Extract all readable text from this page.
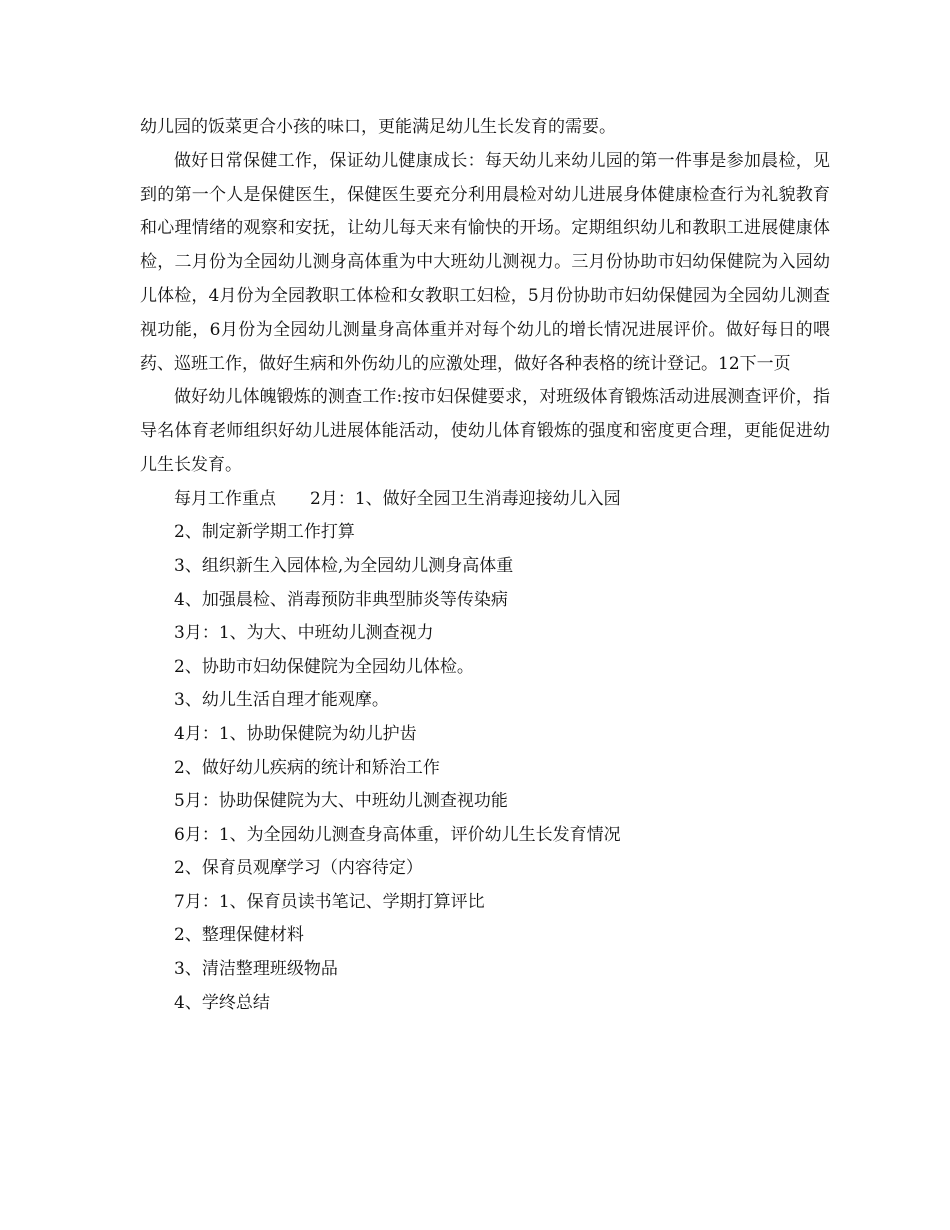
幼儿园的饭菜更合小孩的味口，更能满足幼儿生长发育的需要。

做好日常保健工作，保证幼儿健康成长：每天幼儿来幼儿园的第一件事是参加晨检，见到的第一个人是保健医生，保健医生要充分利用晨检对幼儿进展身体健康检查行为礼貌教育和心理情绪的观察和安抚，让幼儿每天来有愉快的开场。定期组织幼儿和教职工进展健康体检，二月份为全园幼儿测身高体重为中大班幼儿测视力。三月份协助市妇幼保健院为入园幼儿体检，4月份为全园教职工体检和女教职工妇检，5月份协助市妇幼保健园为全园幼儿测查视功能，6月份为全园幼儿测量身高体重并对每个幼儿的增长情况进展评价。做好每日的喂药、巡班工作，做好生病和外伤幼儿的应激处理，做好各种表格的统计登记。12下一页

做好幼儿体魄锻炼的测查工作:按市妇保健要求，对班级体育锻炼活动进展测查评价，指导名体育老师组织好幼儿进展体能活动，使幼儿体育锻炼的强度和密度更合理，更能促进幼儿生长发育。

每月工作重点　　2月：1、做好全园卫生消毒迎接幼儿入园
2、制定新学期工作打算
3、组织新生入园体检,为全园幼儿测身高体重
4、加强晨检、消毒预防非典型肺炎等传染病
3月：1、为大、中班幼儿测查视力
2、协助市妇幼保健院为全园幼儿体检。
3、幼儿生活自理才能观摩。
4月：1、协助保健院为幼儿护齿
2、做好幼儿疾病的统计和矫治工作
5月：协助保健院为大、中班幼儿测查视功能
6月：1、为全园幼儿测查身高体重，评价幼儿生长发育情况
2、保育员观摩学习（内容待定）
7月：1、保育员读书笔记、学期打算评比
2、整理保健材料
3、清洁整理班级物品
4、学终总结
